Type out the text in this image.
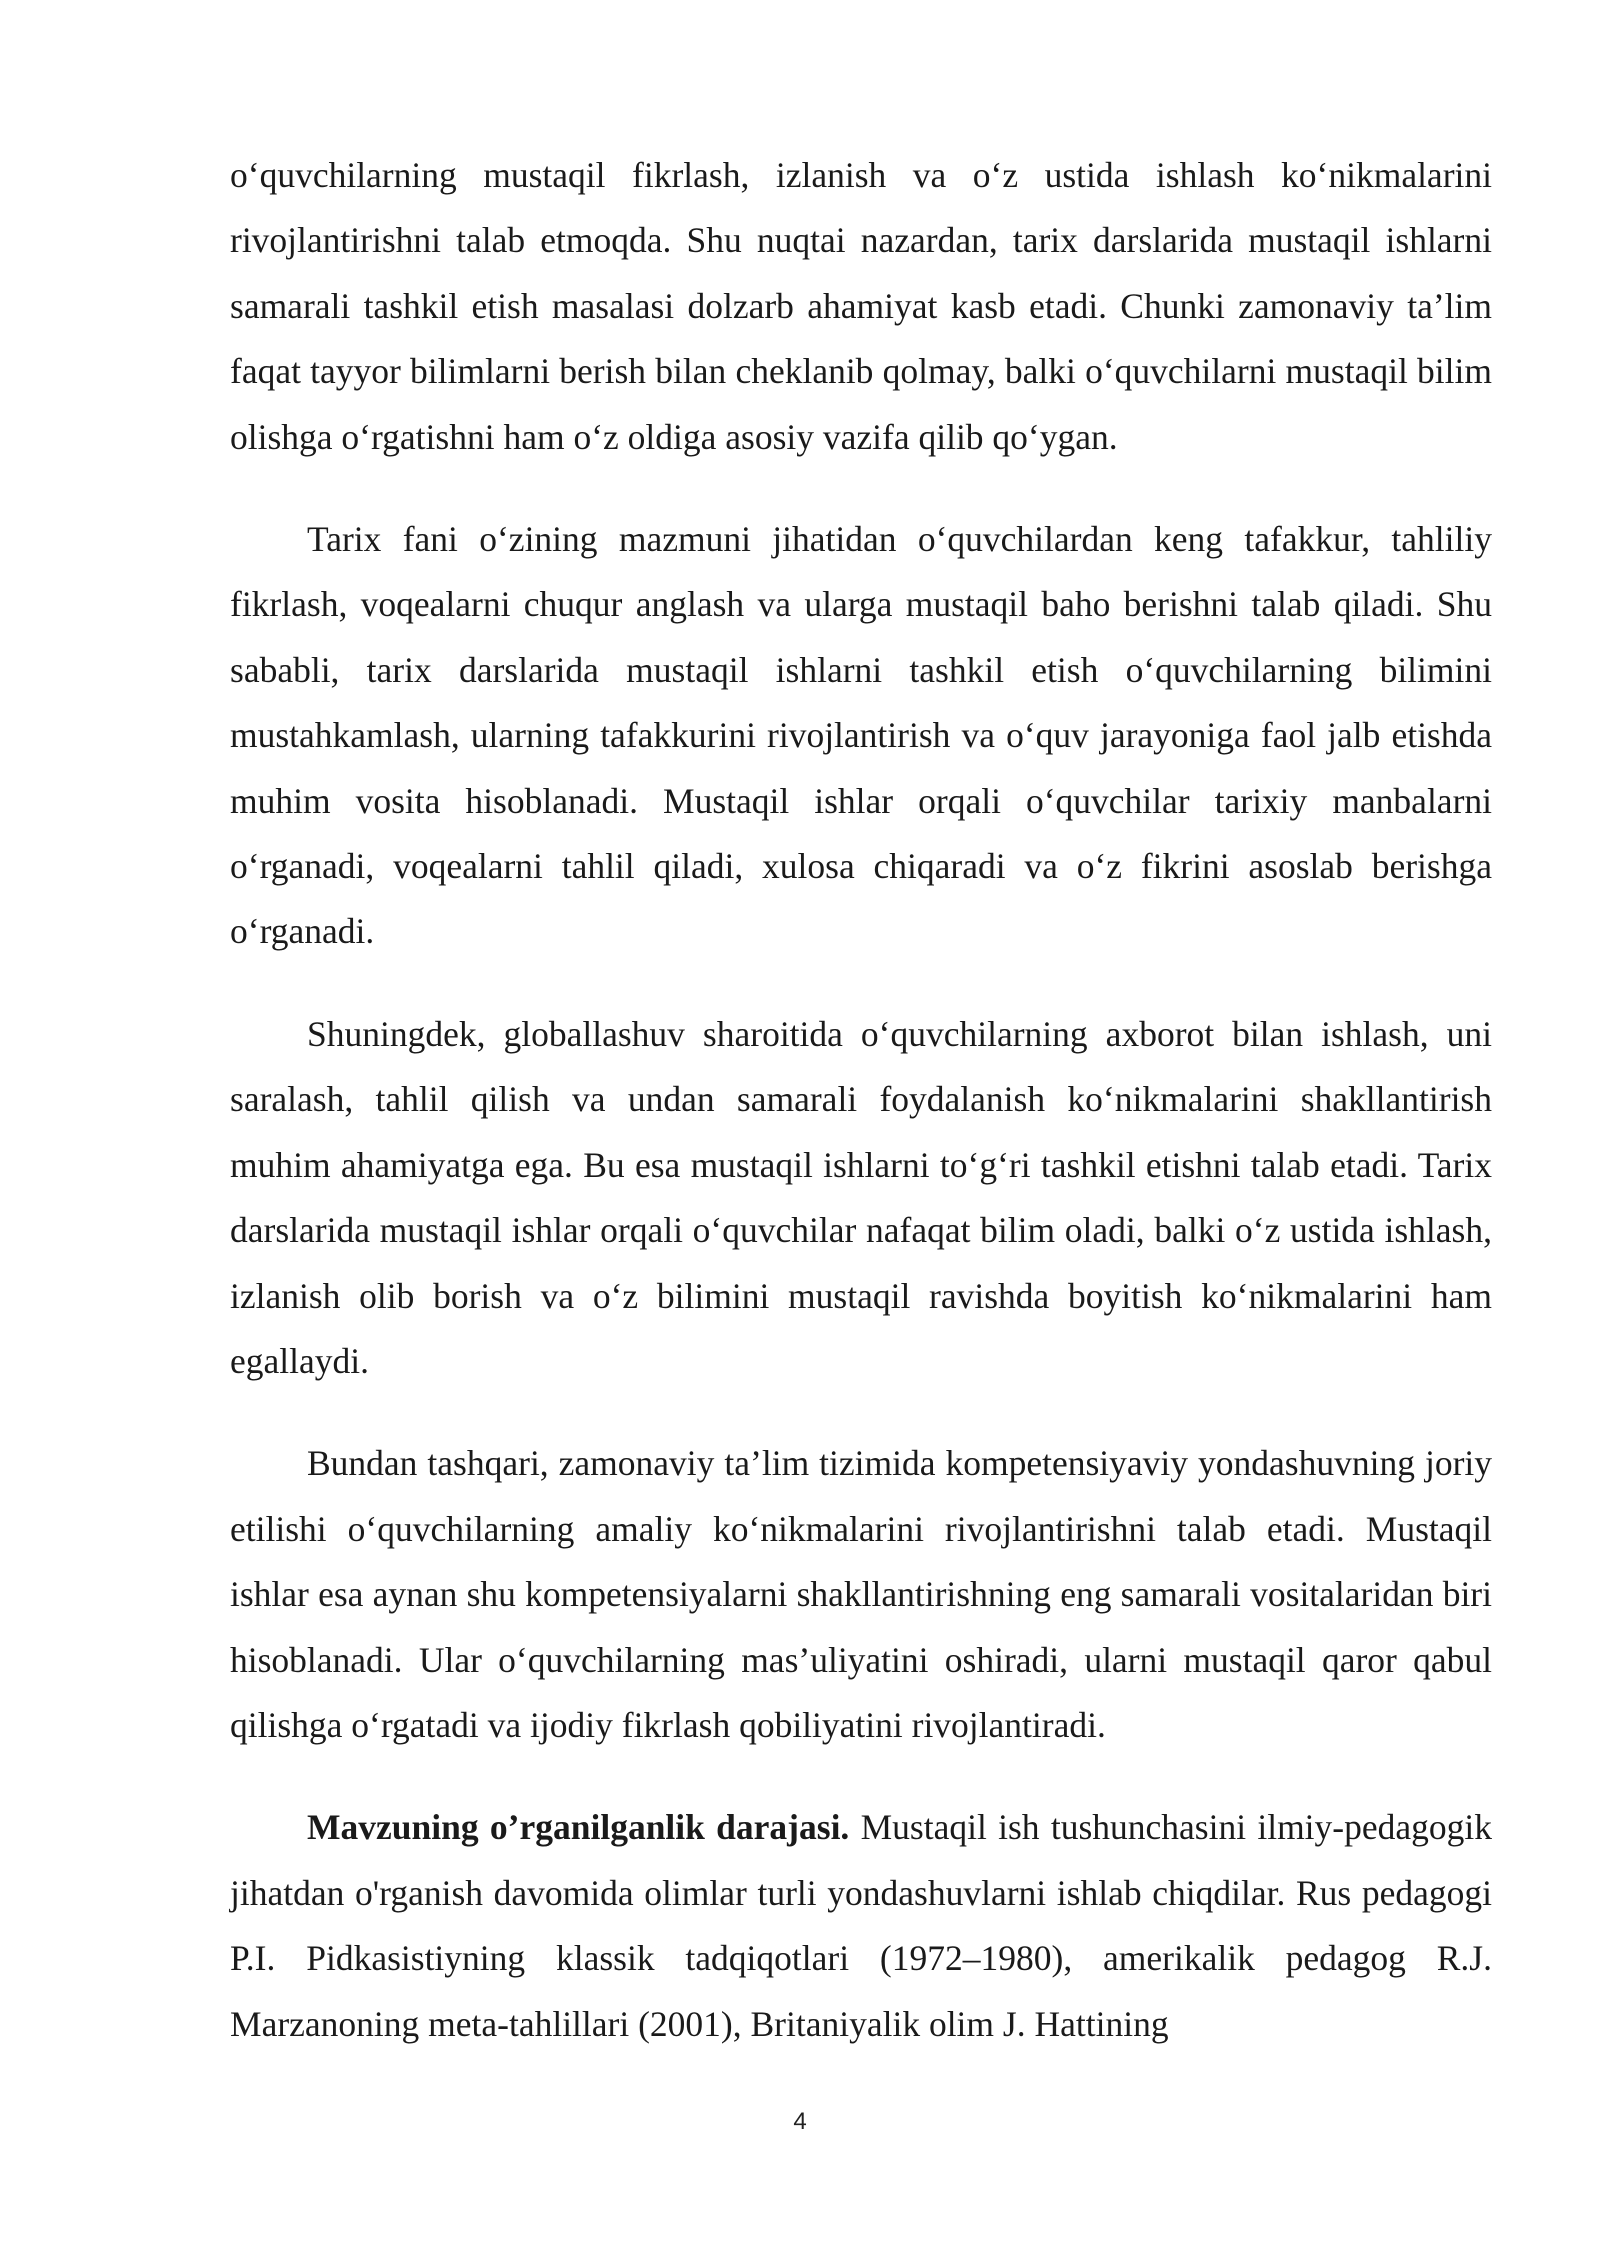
o‘quvchilarning mustaqil fikrlash, izlanish va o‘z ustida ishlash ko‘nikmalarini rivojlantirishni talab etmoqda. Shu nuqtai nazardan, tarix darslarida mustaqil ishlarni samarali tashkil etish masalasi dolzarb ahamiyat kasb etadi. Chunki zamonaviy ta’lim faqat tayyor bilimlarni berish bilan cheklanib qolmay, balki o‘quvchilarni mustaqil bilim olishga o‘rgatishni ham o‘z oldiga asosiy vazifa qilib qo‘ygan.

Tarix fani o‘zining mazmuni jihatidan o‘quvchilardan keng tafakkur, tahliliy fikrlash, voqealarni chuqur anglash va ularga mustaqil baho berishni talab qiladi. Shu sababli, tarix darslarida mustaqil ishlarni tashkil etish o‘quvchilarning bilimini mustahkamlash, ularning tafakkurini rivojlantirish va o‘quv jarayoniga faol jalb etishda muhim vosita hisoblanadi. Mustaqil ishlar orqali o‘quvchilar tarixiy manbalarni o‘rganadi, voqealarni tahlil qiladi, xulosa chiqaradi va o‘z fikrini asoslab berishga o‘rganadi.

Shuningdek, globallashuv sharoitida o‘quvchilarning axborot bilan ishlash, uni saralash, tahlil qilish va undan samarali foydalanish ko‘nikmalarini shakllantirish muhim ahamiyatga ega. Bu esa mustaqil ishlarni to‘g‘ri tashkil etishni talab etadi. Tarix darslarida mustaqil ishlar orqali o‘quvchilar nafaqat bilim oladi, balki o‘z ustida ishlash, izlanish olib borish va o‘z bilimini mustaqil ravishda boyitish ko‘nikmalarini ham egallaydi.

Bundan tashqari, zamonaviy ta’lim tizimida kompetensiyaviy yondashuvning joriy etilishi o‘quvchilarning amaliy ko‘nikmalarini rivojlantirishni talab etadi. Mustaqil ishlar esa aynan shu kompetensiyalarni shakllantirishning eng samarali vositalaridan biri hisoblanadi. Ular o‘quvchilarning mas’uliyatini oshiradi, ularni mustaqil qaror qabul qilishga o‘rgatadi va ijodiy fikrlash qobiliyatini rivojlantiradi.

Mavzuning o’rganilganlik darajasi. Mustaqil ish tushunchasini ilmiy-pedagogik jihatdan o'rganish davomida olimlar turli yondashuvlarni ishlab chiqdilar. Rus pedagogi P.I. Pidkasistiyning klassik tadqiqotlari (1972–1980), amerikalik pedagog R.J. Marzanoning meta-tahlillari (2001), Britaniyalik olim J. Hattining

4
